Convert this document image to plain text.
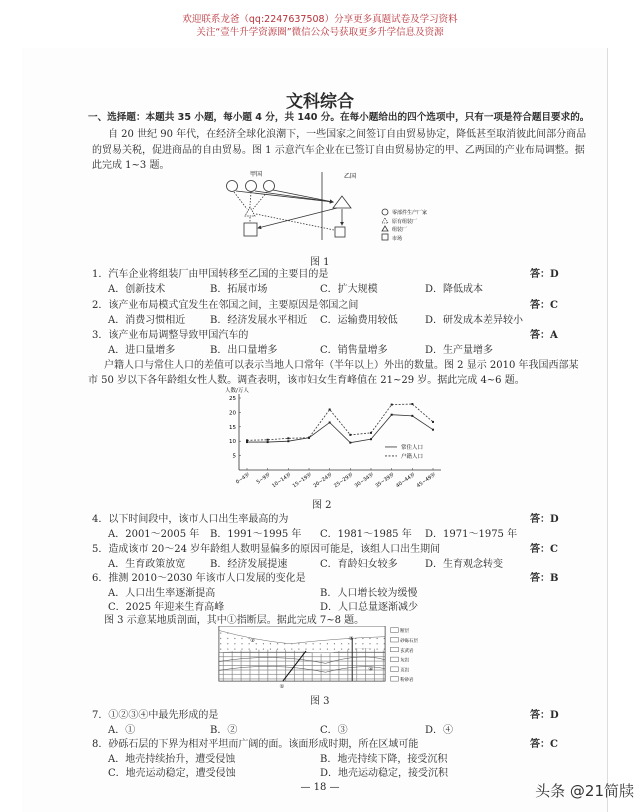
欢迎联系龙爸（qq:2247637508）分享更多真题试卷及学习资料
关注“壹牛升学资源圈”微信公众号获取更多升学信息及资源
文科综合
一、选择题：本题共 35 小题，每小题 4 分，共 140 分。在每小题给出的四个选项中，只有一项是符合题目要求的。
自 20 世纪 90 年代，在经济全球化浪潮下，一些国家之间签订自由贸易协定，降低甚至取消彼此间部分商品
的贸易关税，促进商品的自由贸易。图 1 示意汽车企业在已签订自由贸易协定的甲、乙两国的产业布局调整。据
此完成 1~3 题。
甲国	乙国
零部件生产厂家
原有组装厂
组装厂
市场
图 1
1．汽车企业将组装厂由甲国转移至乙国的主要目的是	答：D
A．创新技术	B．拓展市场	C．扩大规模	D．降低成本
2．该产业布局模式宜发生在邻国之间，主要原因是邻国之间	答：C
A．消费习惯相近 B．经济发展水平相近 C．运输费用较低	D．研发成本差异较小
3．该产业布局调整导致甲国汽车的	答：A
A．进口量增多	B．出口量增多	C．销售量增多	D．生产量增多
户籍人口与常住人口的差值可以表示当地人口常年（半年以上）外出的数量。图 2 显示 2010 年我国西部某
市 50 岁以下各年龄组女性人数。调查表明，该市妇女生育峰值在 21~29 岁。据此完成 4~6 题。
人数/万人
5
10
15
20
25
0~4岁 5~9岁 10~14岁 15~19岁 20~24岁 25~29岁 30~34岁 35~39岁 40~44岁 45~49岁
常住人口
户籍人口
图 2
4．以下时间段中，该市人口出生率最高的为	答：D
A．2001～2005 年 B．1991～1995 年 C．1981～1985 年 D．1971～1975 年
5．造成该市 20～24 岁年龄组人数明显偏多的原因可能是，该组人口出生期间	答：C
A．生育政策放宽 B．经济发展提速	C．育龄妇女较多	D．生育观念转变
6．推测 2010～2030 年该市人口发展的变化是	答：B
A．人口出生率逐渐提高	B．人口增长较为缓慢
C．2025 年迎来生育高峰	D．人口总量逐渐减少
图 3 示意某地质剖面，其中①指断层。据此完成 7~8 题。
①
②	③
④
断层
砂砾石层
玄武岩
灰岩
页岩
粉砂岩
图 3
7．①②③④中最先形成的是	答：D
A．①	B．②	C．③	D．④
8．砂砾石层的下界为相对平坦而广阔的面。该面形成时期，所在区域可能	答：C
A．地壳持续抬升，遭受侵蚀	B．地壳持续下降，接受沉积
C．地壳运动稳定，遭受侵蚀	D．地壳运动稳定，接受沉积
— 18 —	头条 @21简牍
